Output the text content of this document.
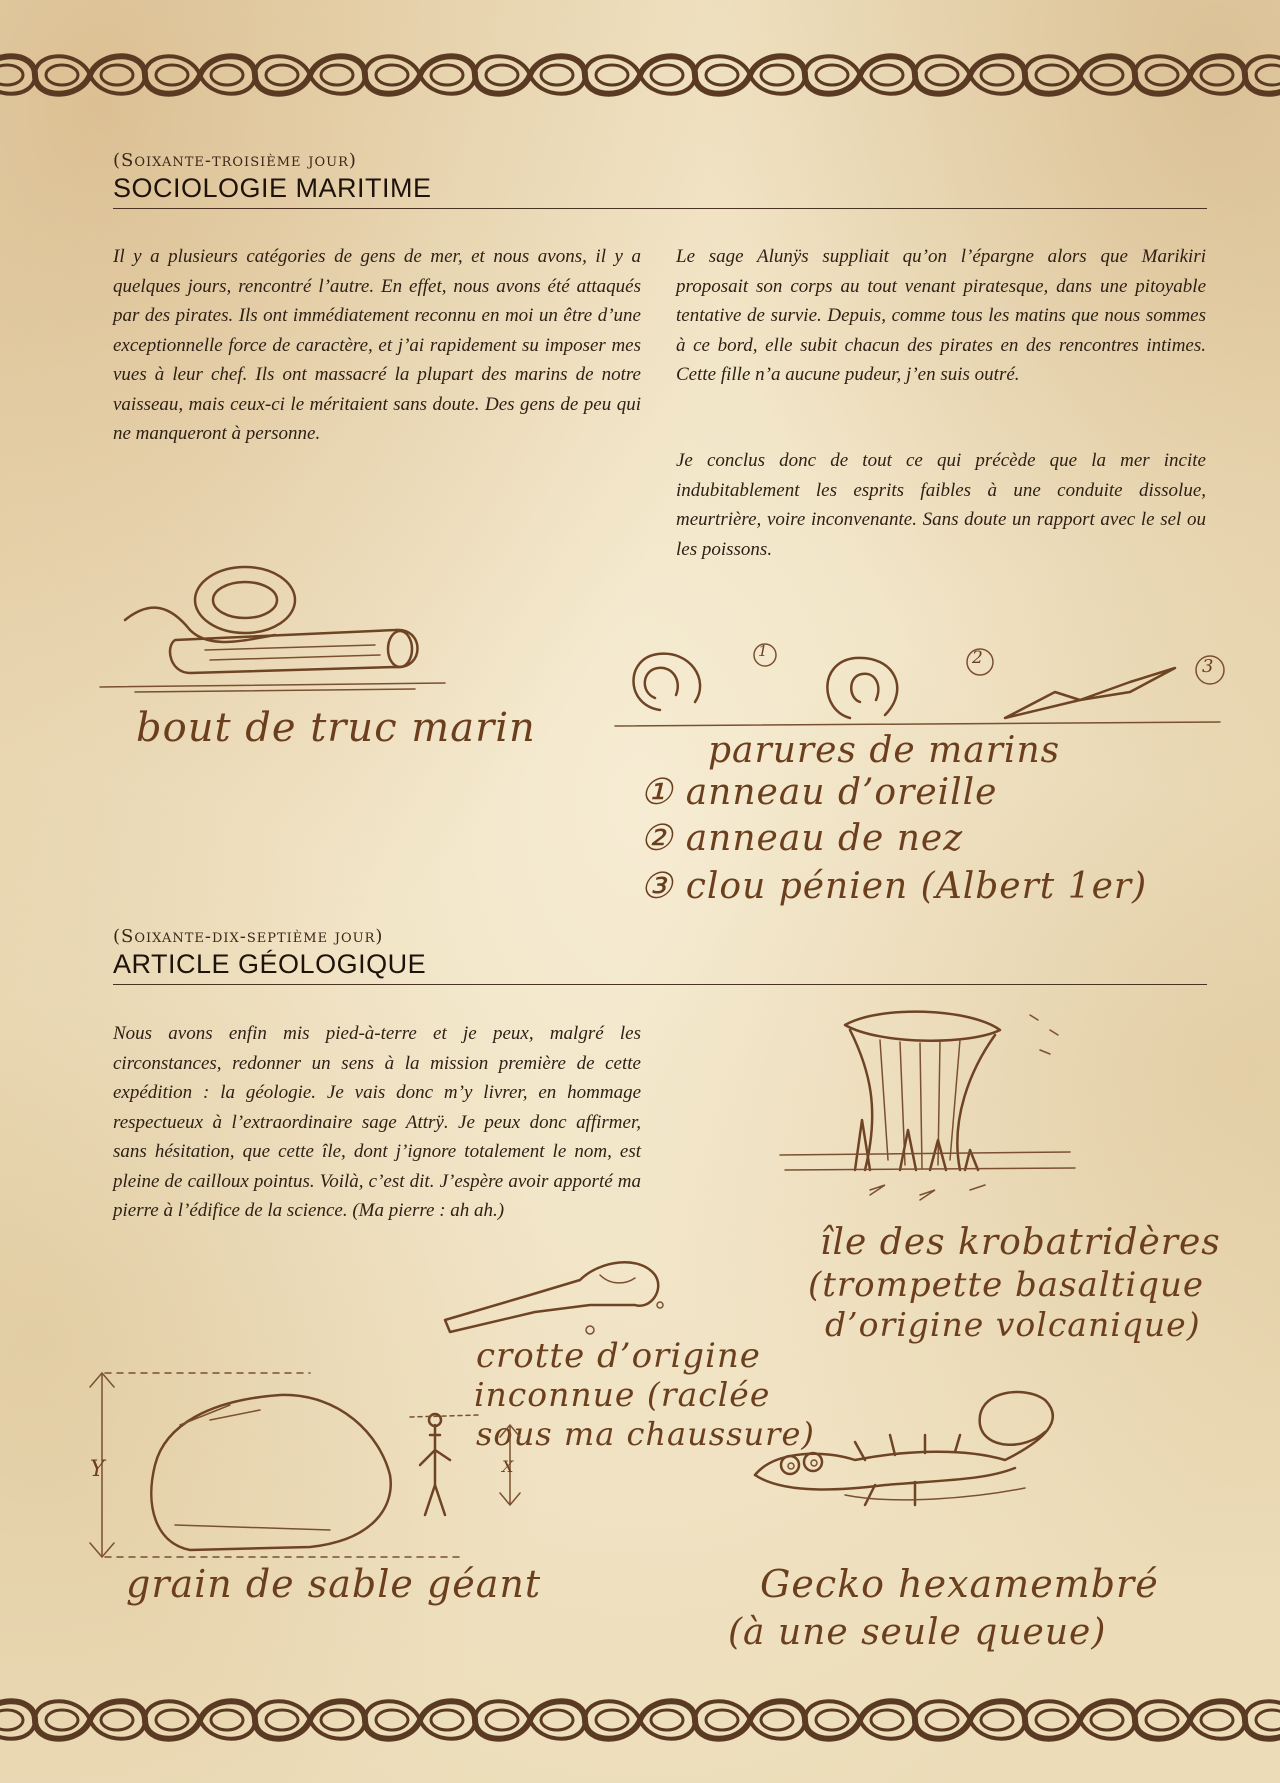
(Soixante-troisième jour)
SOCIOLOGIE MARITIME

Il y a plusieurs catégories de gens de mer, et nous avons, il y a quelques jours, rencontré l’autre. En effet, nous avons été attaqués par des pirates. Ils ont immédiatement reconnu en moi un être d’une exceptionnelle force de caractère, et j’ai rapidement su imposer mes vues à leur chef. Ils ont massacré la plupart des marins de notre vaisseau, mais ceux-ci le méritaient sans doute. Des gens de peu qui ne manqueront à personne.

Le sage Alunÿs suppliait qu’on l’épargne alors que Marikiri proposait son corps au tout venant piratesque, dans une pitoyable tentative de survie. Depuis, comme tous les matins que nous sommes à ce bord, elle subit chacun des pirates en des rencontres intimes. Cette fille n’a aucune pudeur, j’en suis outré.

Je conclus donc de tout ce qui précède que la mer incite indubitablement les esprits faibles à une conduite dissolue, meurtrière, voire inconvenante. Sans doute un rapport avec le sel ou les poissons.

bout de truc marin
1	2	3
parures de marins
① anneau d’oreille
② anneau de nez
③ clou pénien (Albert 1er)
(Soixante-dix-septième jour)
ARTICLE GÉOLOGIQUE

Nous avons enfin mis pied-à-terre et je peux, malgré les circonstances, redonner un sens à la mission première de cette expédition : la géologie. Je vais donc m’y livrer, en hommage respectueux à l’extraordinaire sage Attrÿ. Je peux donc affirmer, sans hésitation, que cette île, dont j’ignore totalement le nom, est pleine de cailloux pointus. Voilà, c’est dit. J’espère avoir apporté ma pierre à l’édifice de la science. (Ma pierre : ah ah.)

île des krobatridères
(trompette basaltique
d’origine volcanique)
crotte d’origine
inconnue (raclée
sous ma chaussure)
Y	X
grain de sable géant	Gecko hexamembré
(à une seule queue)
